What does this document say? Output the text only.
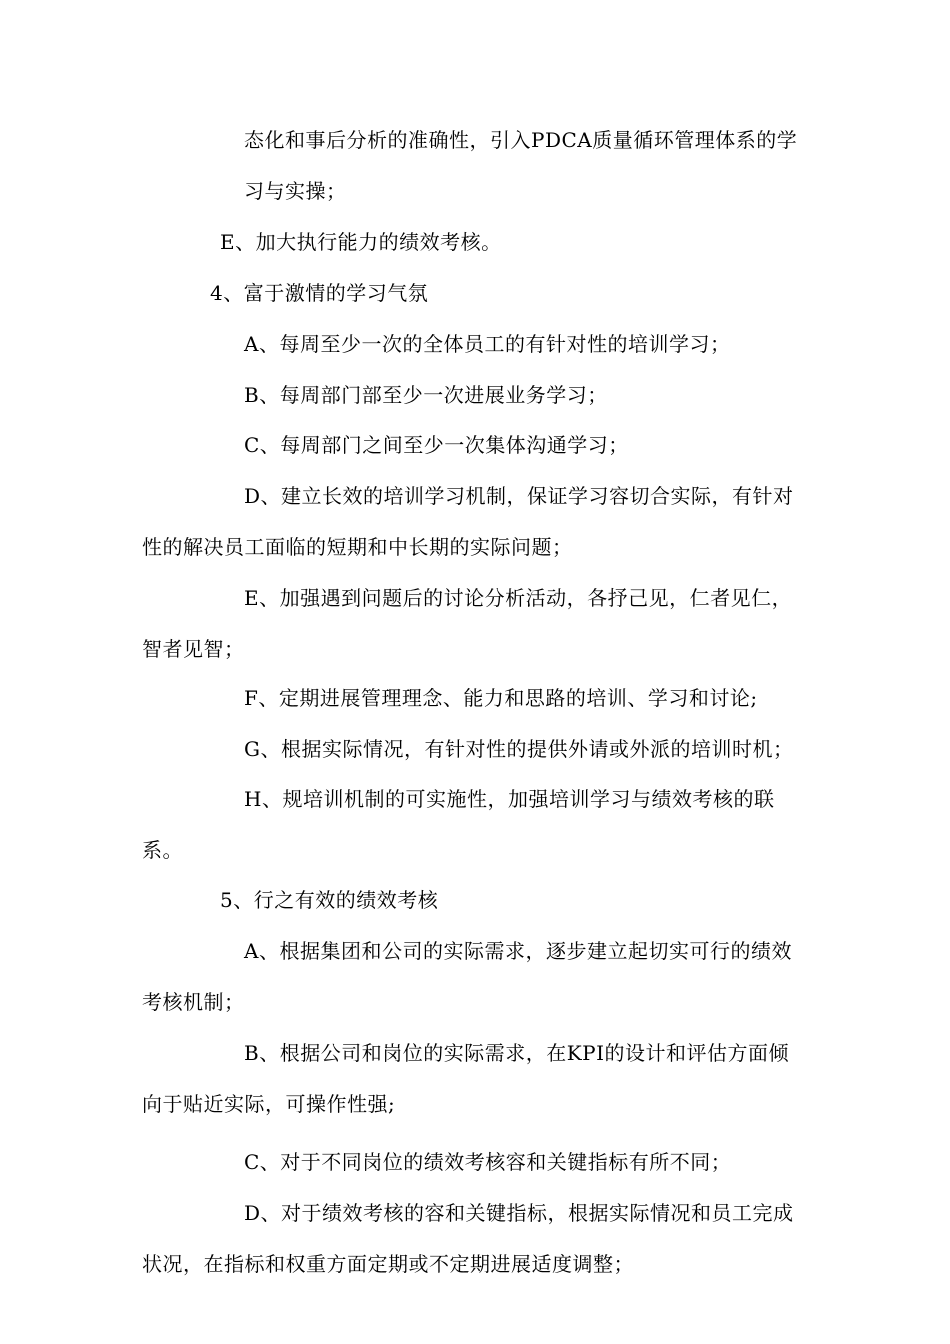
态化和事后分析的准确性，引入PDCA质量循环管理体系的学
习与实操；
E、加大执行能力的绩效考核。
4、富于激情的学习气氛
A、每周至少一次的全体员工的有针对性的培训学习；
B、每周部门部至少一次进展业务学习；
C、每周部门之间至少一次集体沟通学习；
D、建立长效的培训学习机制，保证学习容切合实际，有针对
性的解决员工面临的短期和中长期的实际问题；
E、加强遇到问题后的讨论分析活动，各抒己见，仁者见仁，
智者见智；
F、定期进展管理理念、能力和思路的培训、学习和讨论;
G、根据实际情况，有针对性的提供外请或外派的培训时机；
H、规培训机制的可实施性，加强培训学习与绩效考核的联
系。
5、行之有效的绩效考核
A、根据集团和公司的实际需求，逐步建立起切实可行的绩效
考核机制；
B、根据公司和岗位的实际需求，在KPI的设计和评估方面倾
向于贴近实际，可操作性强;
C、对于不同岗位的绩效考核容和关键指标有所不同；
D、对于绩效考核的容和关键指标，根据实际情况和员工完成
状况，在指标和权重方面定期或不定期进展适度调整；
